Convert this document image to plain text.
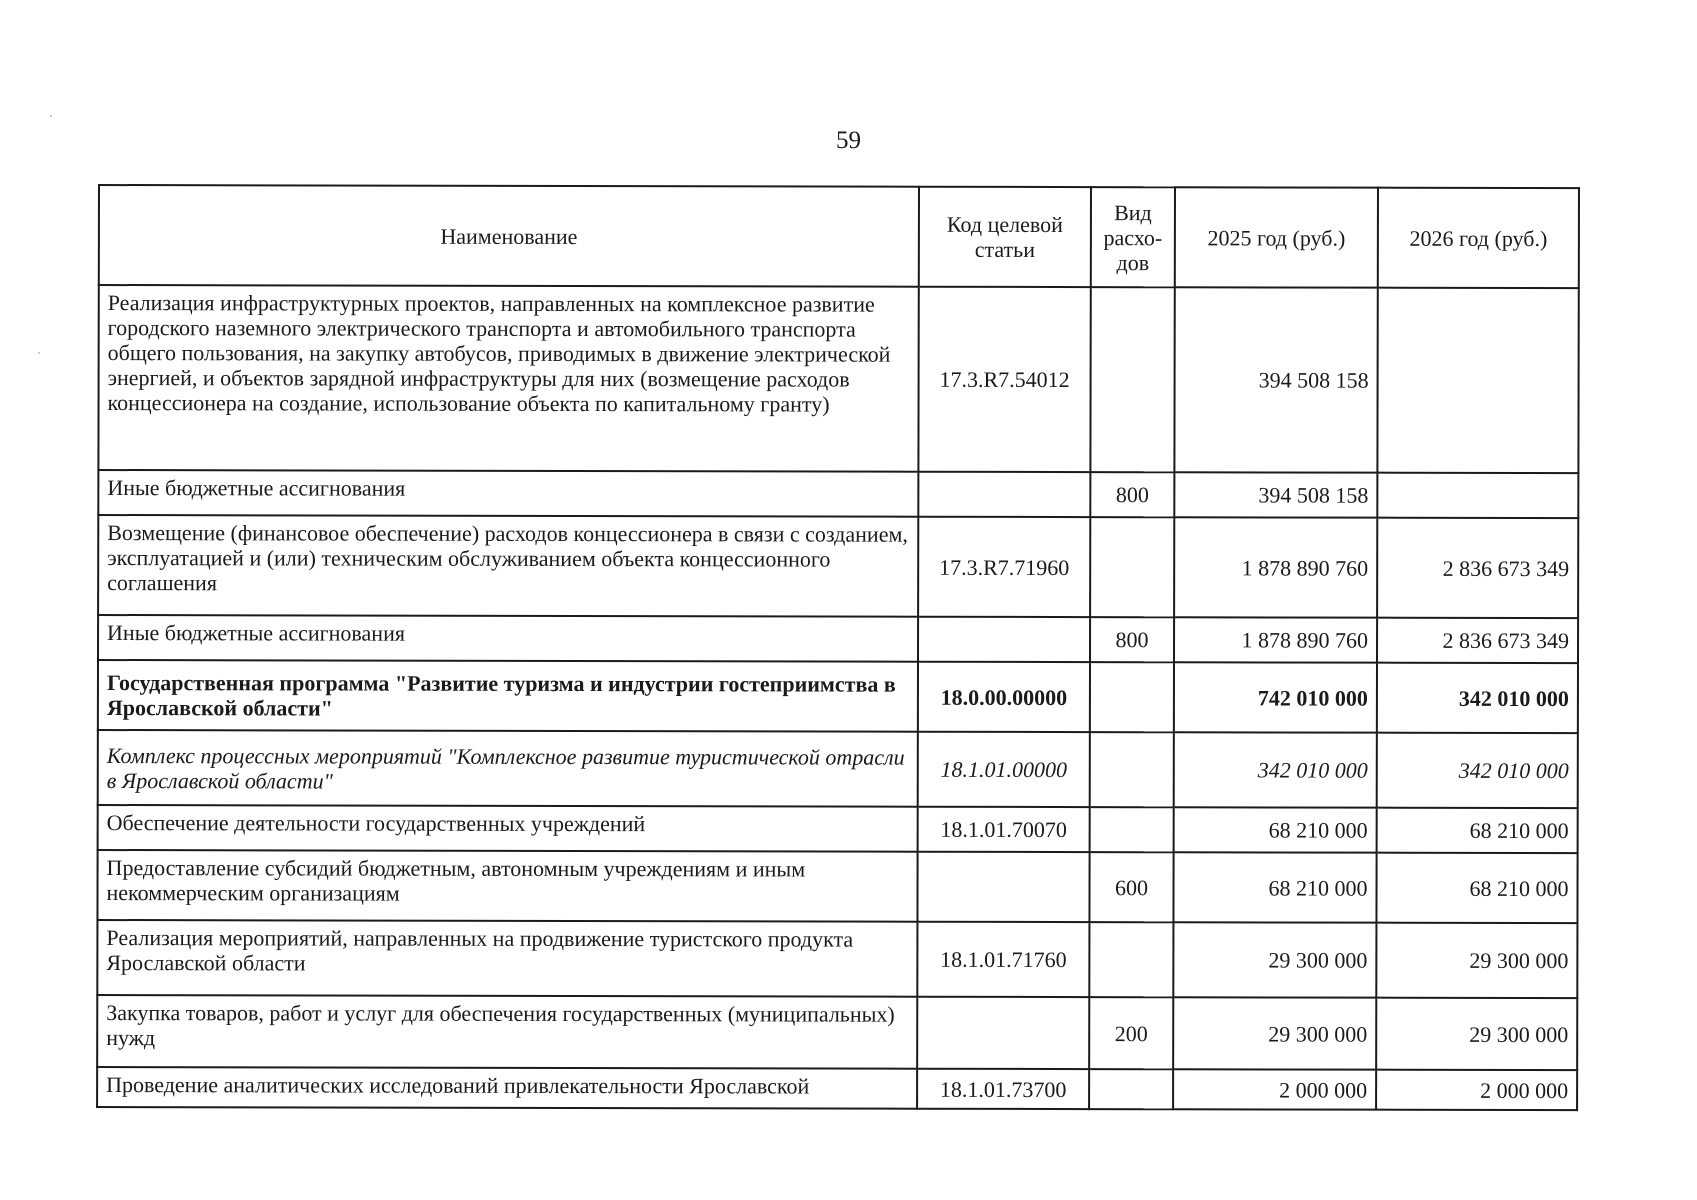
59
Наименование	Код целевой статьи	Вид расхо-дов	2025 год (руб.)	2026 год (руб.)
Реализация инфраструктурных проектов, направленных на комплексное развитие городского наземного электрического транспорта и автомобильного транспорта общего пользования, на закупку автобусов, приводимых в движение электрической энергией, и объектов зарядной инфраструктуры для них (возмещение расходов концессионера на создание, использование объекта по капитальному гранту)	17.3.R7.54012		394 508 158	
Иные бюджетные ассигнования		800	394 508 158	
Возмещение (финансовое обеспечение) расходов концессионера в связи с созданием, эксплуатацией и (или) техническим обслуживанием объекта концессионного соглашения	17.3.R7.71960		1 878 890 760	2 836 673 349
Иные бюджетные ассигнования		800	1 878 890 760	2 836 673 349
Государственная программа "Развитие туризма и индустрии гостеприимства в Ярославской области"	18.0.00.00000		742 010 000	342 010 000
Комплекс процессных мероприятий "Комплексное развитие туристической отрасли в Ярославской области"	18.1.01.00000		342 010 000	342 010 000
Обеспечение деятельности государственных учреждений	18.1.01.70070		68 210 000	68 210 000
Предоставление субсидий бюджетным, автономным учреждениям и иным некоммерческим организациям		600	68 210 000	68 210 000
Реализация мероприятий, направленных на продвижение туристского продукта Ярославской области	18.1.01.71760		29 300 000	29 300 000
Закупка товаров, работ и услуг для обеспечения государственных (муниципальных) нужд		200	29 300 000	29 300 000
Проведение аналитических исследований привлекательности Ярославской	18.1.01.73700		2 000 000	2 000 000
